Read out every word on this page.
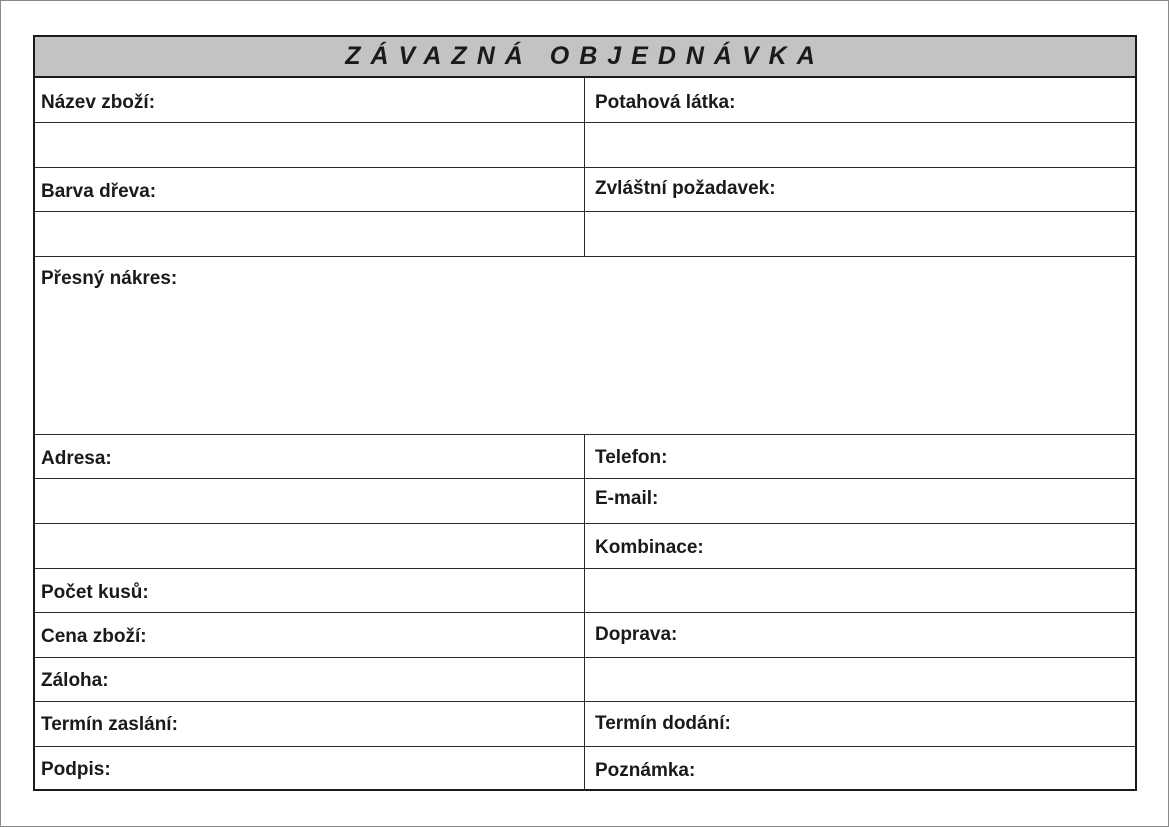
ZÁVAZNÁ OBJEDNÁVKA
Název zboží:
Barva dřeva:
Přesný nákres:
Adresa:
Počet kusů:
Cena zboží:
Záloha:
Termín zaslání:
Podpis:
Potahová látka:
Zvláštní požadavek:
Telefon:
E-mail:
Kombinace:
Doprava:
Termín dodání:
Poznámka:
